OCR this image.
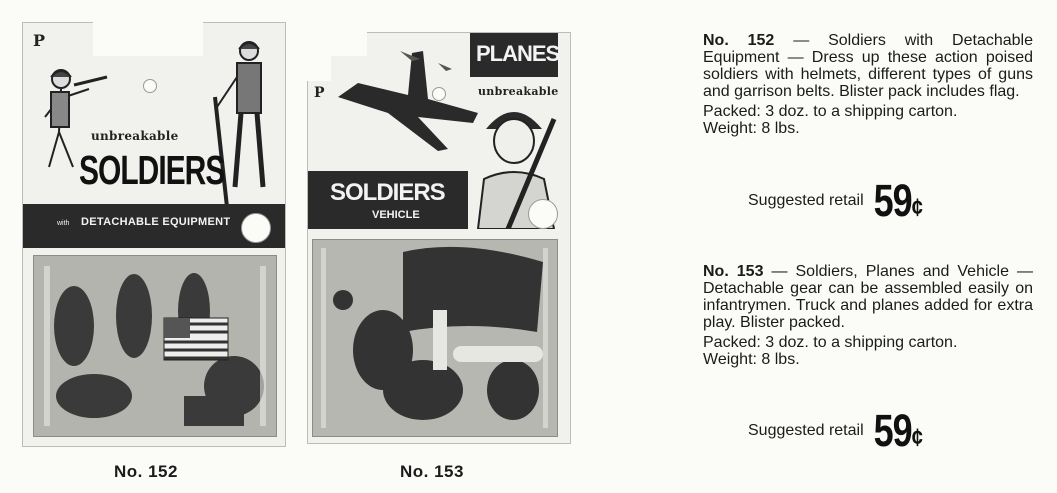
P
unbreakable
SOLDIERS
with DETACHABLE EQUIPMENT
No. 152
P
PLANES
unbreakable
SOLDIERS
VEHICLE
No. 153

No. 152 — Soldiers with Detachable Equipment — Dress up these action poised soldiers with helmets, different types of guns and garrison belts. Blister pack includes flag.

Packed: 3 doz. to a shipping carton.
Weight: 8 lbs.

Suggested retail 59¢

No. 153 — Soldiers, Planes and Vehicle — Detachable gear can be assembled easily on infantrymen. Truck and planes added for extra play. Blister packed.

Packed: 3 doz. to a shipping carton.
Weight: 8 lbs.

Suggested retail 59¢
